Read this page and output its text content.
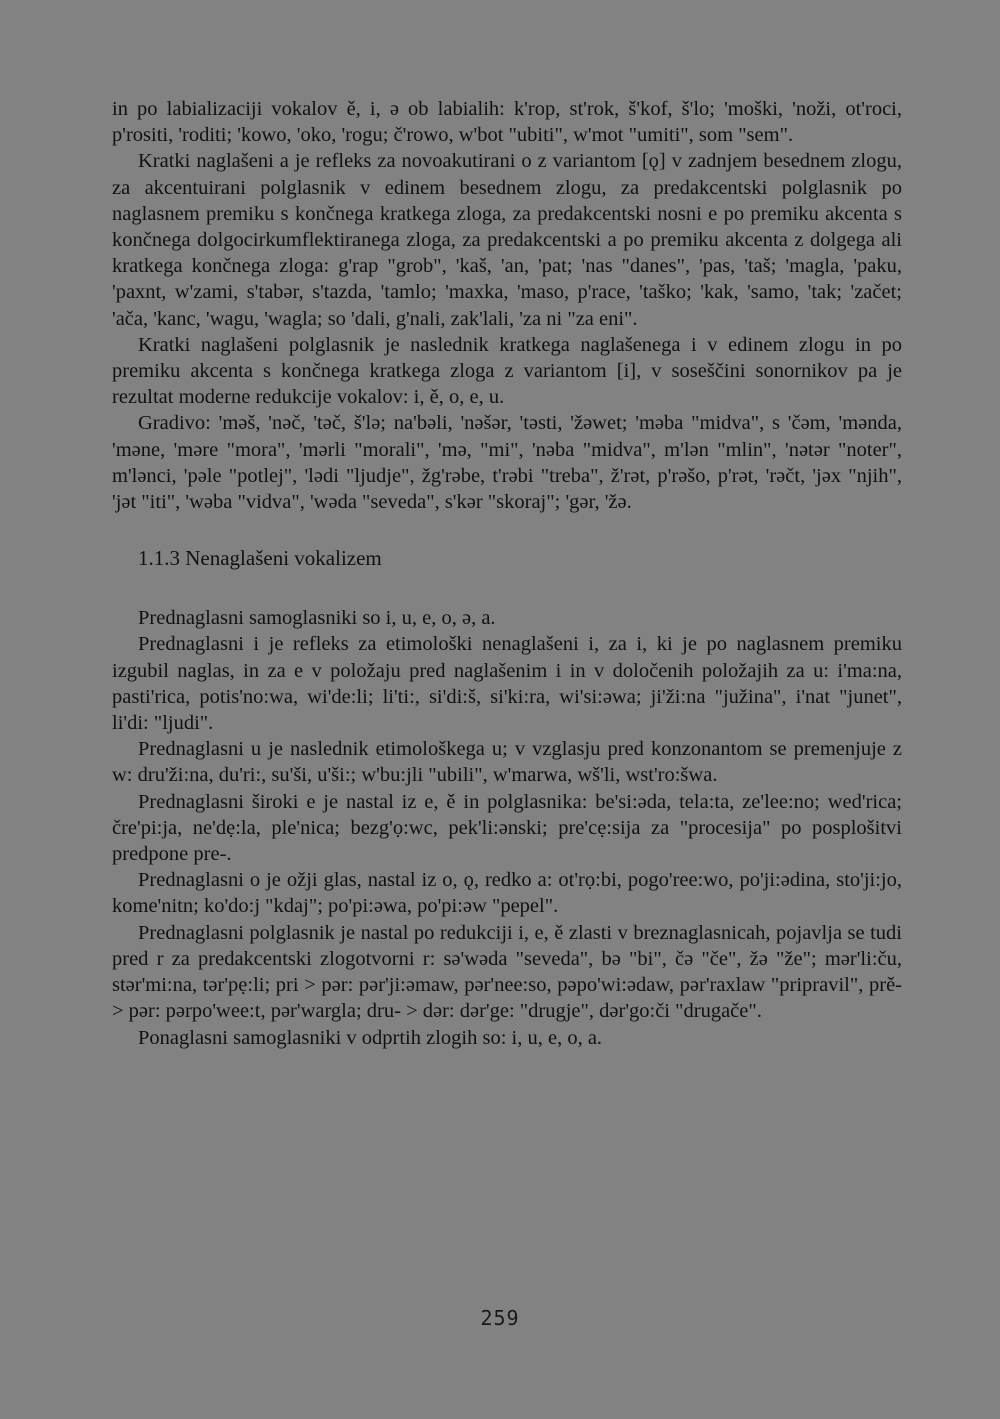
in po labializaciji vokalov ě, i, ə ob labialih: k'rop, st'rok, š'kof, š'lo; 'moški, 'noži, ot'roci, p'rositi, 'roditi; 'kowo, 'oko, 'rogu; č'rowo, w'bot "ubiti", w'mot "umiti", som "sem".

Kratki naglašeni a je refleks za novoakutirani o z variantom [ǫ] v zadnjem besednem zlogu, za akcentuirani polglasnik v edinem besednem zlogu, za predakcentski polglasnik po naglasnem premiku s končnega kratkega zloga, za predakcentski nosni e po premiku akcenta s končnega dolgocirkumflektiranega zloga, za predakcentski a po premiku akcenta z dolgega ali kratkega končnega zloga: g'rap "grob", 'kaš, 'an, 'pat; 'nas "danes", 'pas, 'taš; 'magla, 'paku, 'paxnt, w'zami, s'tabər, s'tazda, 'tamlo; 'maxka, 'maso, p'race, 'taško; 'kak, 'samo, 'tak; 'začet; 'ača, 'kanc, 'wagu, 'wagla; so 'dali, g'nali, zak'lali, 'za ni "za eni".

Kratki naglašeni polglasnik je naslednik kratkega naglašenega i v edinem zlogu in po premiku akcenta s končnega kratkega zloga z variantom [i], v soseščini sonornikov pa je rezultat moderne redukcije vokalov: i, ě, o, e, u.

Gradivo: 'məš, 'nəč, 'təč, š'lə; na'bəli, 'nəšər, 'təsti, 'žəwet; 'məba "midva", s 'čəm, 'mənda, 'məne, 'məre "mora", 'mərli "morali", 'mə, "mi", 'nəba "midva", m'lən "mlin", 'nətər "noter", m'lənci, 'pəle "potlej", 'lədi "ljudje", žg'rəbe, t'rəbi "treba", ž'rət, p'rəšo, p'rət, 'rəčt, 'jəx "njih", 'jət "iti", 'wəba "vidva", 'wəda "seveda", s'kər "skoraj"; 'gər, 'žə.

1.1.3 Nenaglašeni vokalizem

Prednaglasni samoglasniki so i, u, e, o, ə, a.

Prednaglasni i je refleks za etimološki nenaglašeni i, za i, ki je po naglasnem premiku izgubil naglas, in za e v položaju pred naglašenim i in v določenih položajih za u: i'ma:na, pasti'rica, potis'no:wa, wi'de:li; li'ti:, si'di:š, si'ki:ra, wi'si:əwa; ji'ži:na "južina", i'nat "junet", li'di: "ljudi".

Prednaglasni u je naslednik etimološkega u; v vzglasju pred konzonantom se premenjuje z w: dru'ži:na, du'ri:, su'ši, u'ši:; w'bu:jli "ubili", w'marwa, wš'li, wst'ro:šwa.

Prednaglasni široki e je nastal iz e, ě in polglasnika: be'si:əda, tela:ta, ze'lee:no; wed'rica; čre'pi:ja, ne'dẹ:la, ple'nica; bezg'ọ:wc, pek'li:ənski; pre'cẹ:sija za "procesija" po posplošitvi predpone pre-.

Prednaglasni o je ožji glas, nastal iz o, ǫ, redko a: ot'rọ:bi, pogo'ree:wo, po'ji:ədina, sto'ji:jo, kome'nitn; ko'do:j "kdaj"; po'pi:əwa, po'pi:əw "pepel".

Prednaglasni polglasnik je nastal po redukciji i, e, ě zlasti v breznaglasnicah, pojavlja se tudi pred r za predakcentski zlogotvorni r: sə'wəda "seveda", bə "bi", čə "če", žə "že"; mər'li:ču, stər'mi:na, tər'pẹ:li; pri > pər: pər'ji:əmaw, pər'nee:so, pəpo'wi:ədaw, pər'raxlaw "pripravil", prě- > pər: pərpo'wee:t, pər'wargla; dru- > dər: dər'ge: "drugje", dər'go:či "drugače".

Ponaglasni samoglasniki v odprtih zlogih so: i, u, e, o, a.

259
